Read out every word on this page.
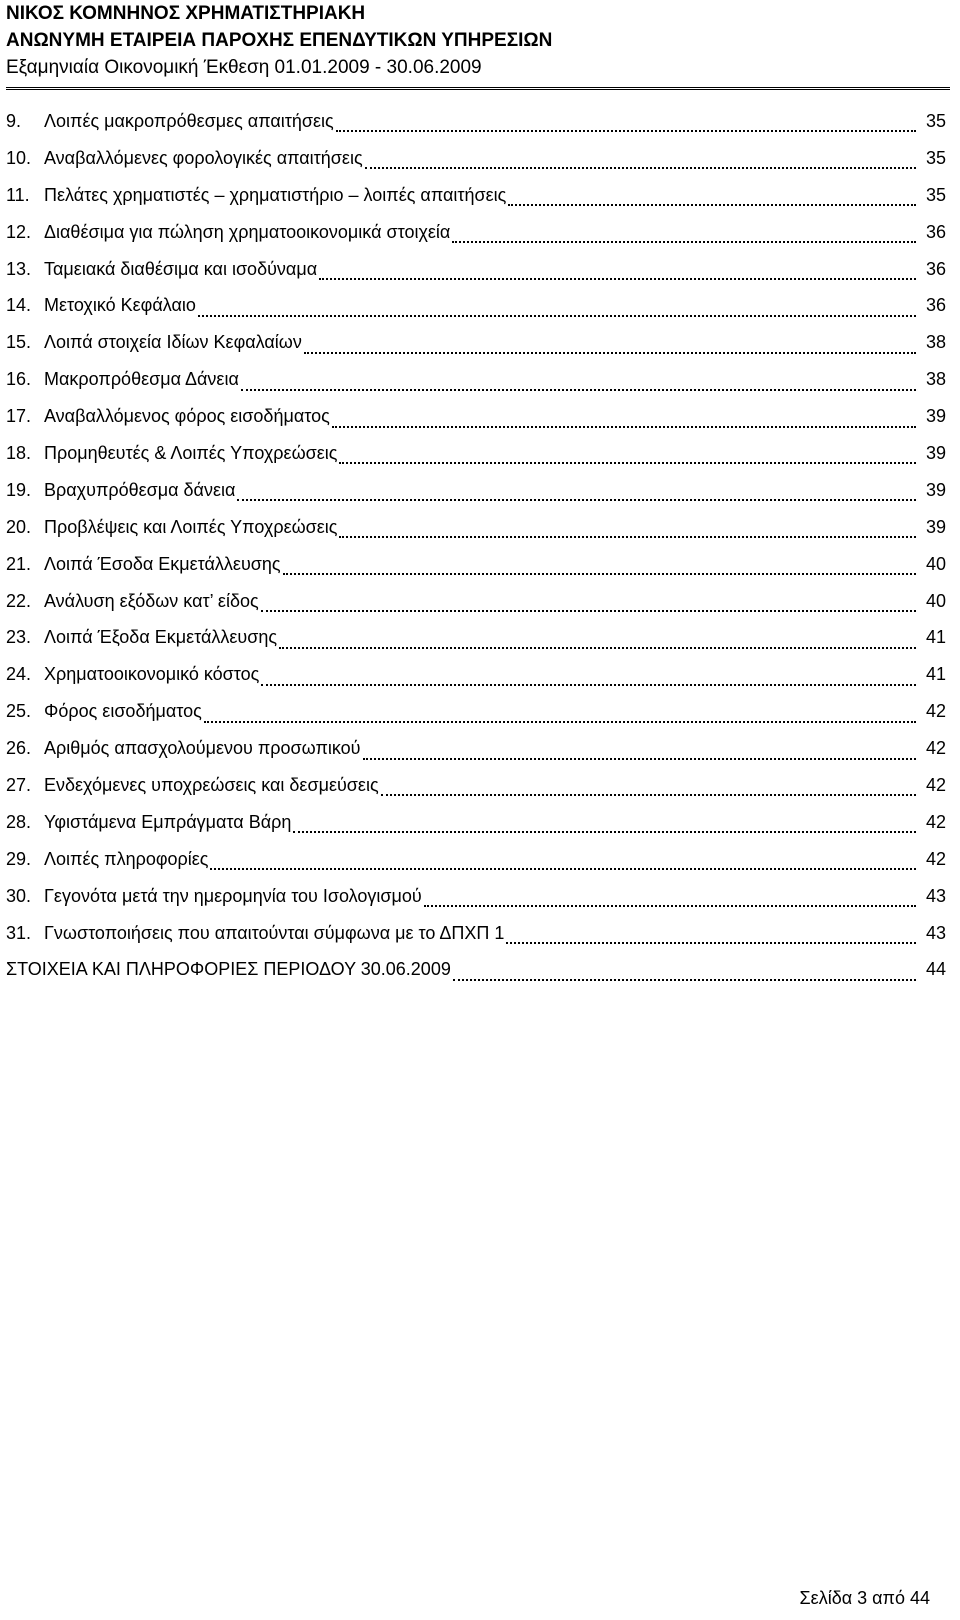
ΝΙΚΟΣ ΚΟΜΝΗΝΟΣ ΧΡΗΜΑΤΙΣΤΗΡΙΑΚΗ
ΑΝΩΝΥΜΗ ΕΤΑΙΡΕΙΑ ΠΑΡΟΧΗΣ ΕΠΕΝΔΥΤΙΚΩΝ ΥΠΗΡΕΣΙΩΝ
Εξαμηνιαία Οικονομική Έκθεση 01.01.2009 - 30.06.2009
9.	Λοιπές μακροπρόθεσμες απαιτήσεις	35
10. Αναβαλλόμενες φορολογικές απαιτήσεις	35
11. Πελάτες χρηματιστές – χρηματιστήριο – λοιπές απαιτήσεις	35
12. Διαθέσιμα για πώληση χρηματοοικονομικά στοιχεία	36
13. Ταμειακά διαθέσιμα και ισοδύναμα	36
14. Μετοχικό Κεφάλαιο	36
15. Λοιπά στοιχεία Ιδίων Κεφαλαίων	38
16. Μακροπρόθεσμα Δάνεια	38
17. Αναβαλλόμενος φόρος εισοδήματος	39
18. Προμηθευτές & Λοιπές Υποχρεώσεις	39
19. Βραχυπρόθεσμα δάνεια	39
20. Προβλέψεις και Λοιπές Υποχρεώσεις	39
21. Λοιπά Έσοδα Εκμετάλλευσης	40
22. Ανάλυση εξόδων κατ’ είδος	40
23. Λοιπά Έξοδα Εκμετάλλευσης	41
24. Χρηματοοικονομικό κόστος	41
25. Φόρος εισοδήματος	42
26. Αριθμός απασχολούμενου προσωπικού	42
27. Ενδεχόμενες υποχρεώσεις και δεσμεύσεις	42
28. Υφιστάμενα Εμπράγματα Βάρη	42
29. Λοιπές πληροφορίες	42
30. Γεγονότα μετά την ημερομηνία του Ισολογισμού	43
31. Γνωστοποιήσεις που απαιτούνται σύμφωνα με το ΔΠΧΠ 1	43
ΣΤΟΙΧΕΙΑ ΚΑΙ ΠΛΗΡΟΦΟΡΙΕΣ ΠΕΡΙΟΔΟΥ 30.06.2009	44
Σελίδα 3 από 44
